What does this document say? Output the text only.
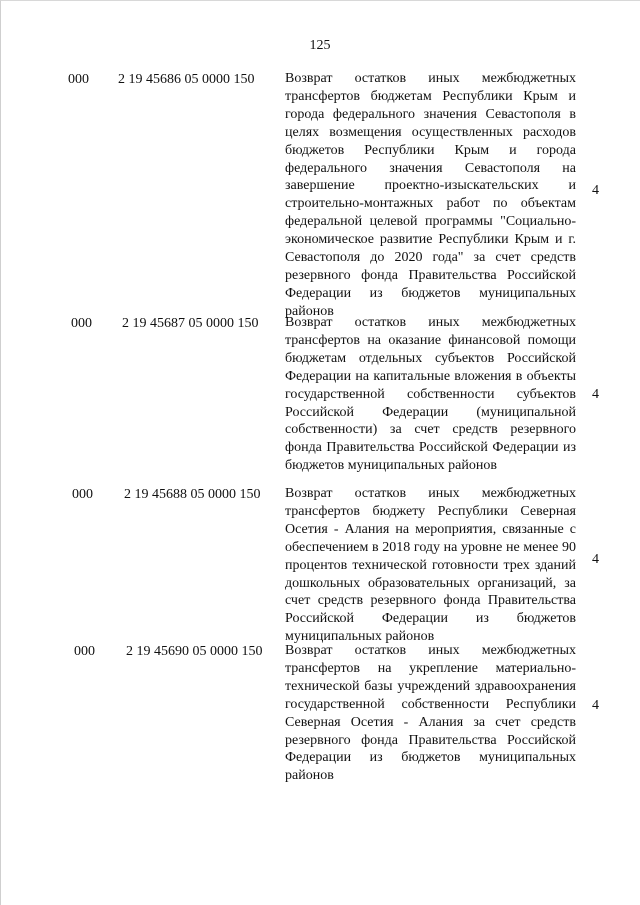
125
000 2 19 45686 05 0000 150 Возврат остатков иных межбюджетных трансфертов бюджетам Республики Крым и города федерального значения Севастополя в целях возмещения осуществленных расходов бюджетов Республики Крым и города федерального значения Севастополя на завершение проектно-изыскательских и строительно-монтажных работ по объектам федеральной целевой программы "Социально-экономическое развитие Республики Крым и г. Севастополя до 2020 года" за счет средств резервного фонда Правительства Российской Федерации из бюджетов муниципальных районов
4
000 2 19 45687 05 0000 150 Возврат остатков иных межбюджетных трансфертов на оказание финансовой помощи бюджетам отдельных субъектов Российской Федерации на капитальные вложения в объекты государственной собственности субъектов Российской Федерации (муниципальной собственности) за счет средств резервного фонда Правительства Российской Федерации из бюджетов муниципальных районов
4
000 2 19 45688 05 0000 150 Возврат остатков иных межбюджетных трансфертов бюджету Республики Северная Осетия - Алания на мероприятия, связанные с обеспечением в 2018 году на уровне не менее 90 процентов технической готовности трех зданий дошкольных образовательных организаций, за счет средств резервного фонда Правительства Российской Федерации из бюджетов муниципальных районов
4
000 2 19 45690 05 0000 150 Возврат остатков иных межбюджетных трансфертов на укрепление материально-технической базы учреждений здравоохранения государственной собственности Республики Северная Осетия - Алания за счет средств резервного фонда Правительства Российской Федерации из бюджетов муниципальных районов
4
